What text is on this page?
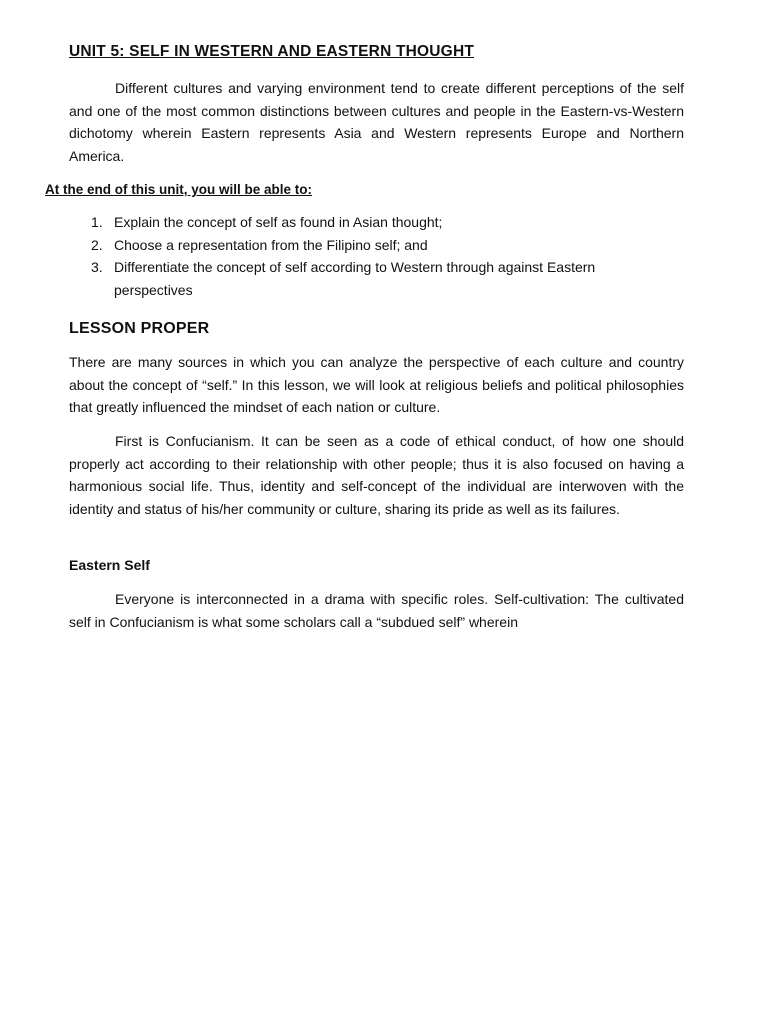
UNIT 5: SELF IN WESTERN AND EASTERN THOUGHT

Different cultures and varying environment tend to create different perceptions of the self and one of the most common distinctions between cultures and people in the Eastern-vs-Western dichotomy wherein Eastern represents Asia and Western represents Europe and Northern America.

At the end of this unit, you will be able to:
1. Explain the concept of self as found in Asian thought;
2. Choose a representation from the Filipino self; and
3. Differentiate the concept of self according to Western through against Eastern perspectives
LESSON PROPER

There are many sources in which you can analyze the perspective of each culture and country about the concept of “self.” In this lesson, we will look at religious beliefs and political philosophies that greatly influenced the mindset of each nation or culture.

First is Confucianism. It can be seen as a code of ethical conduct, of how one should properly act according to their relationship with other people; thus it is also focused on having a harmonious social life. Thus, identity and self-concept of the individual are interwoven with the identity and status of his/her community or culture, sharing its pride as well as its failures.

Eastern Self

Everyone is interconnected in a drama with specific roles. Self-cultivation: The cultivated self in Confucianism is what some scholars call a “subdued self” wherein
